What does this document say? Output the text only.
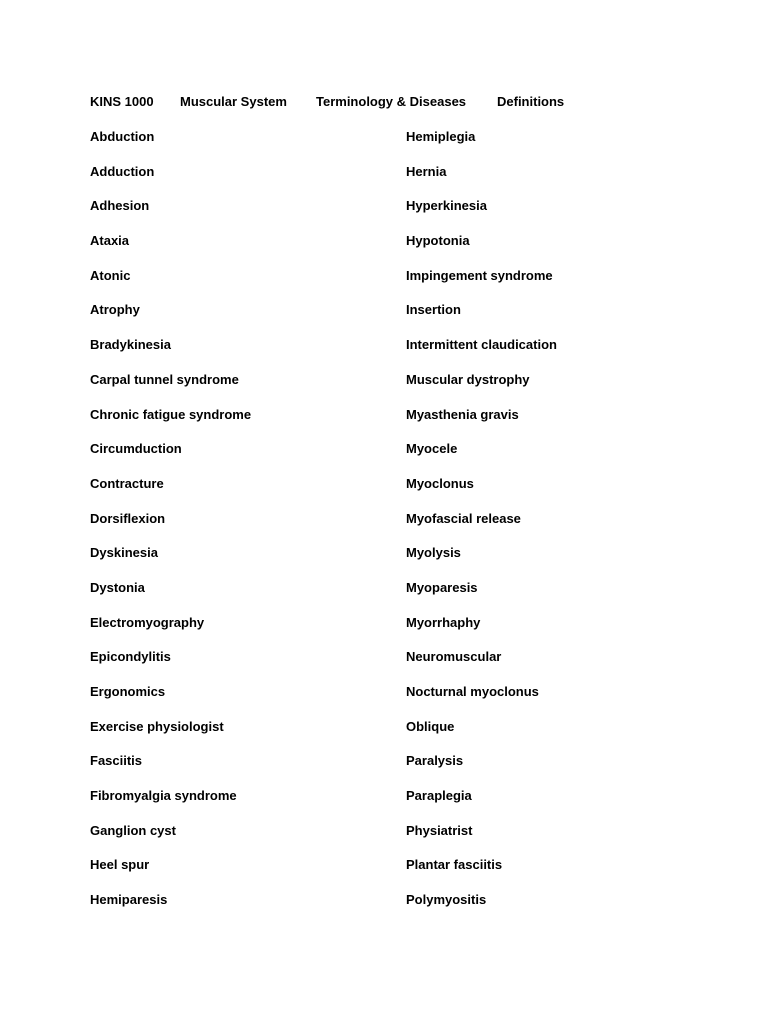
KINS 1000 Muscular System Terminology & Diseases Definitions
Abduction
Adduction
Adhesion
Ataxia
Atonic
Atrophy
Bradykinesia
Carpal tunnel syndrome
Chronic fatigue syndrome
Circumduction
Contracture
Dorsiflexion
Dyskinesia
Dystonia
Electromyography
Epicondylitis
Ergonomics
Exercise physiologist
Fasciitis
Fibromyalgia syndrome
Ganglion cyst
Heel spur
Hemiparesis
Hemiplegia
Hernia
Hyperkinesia
Hypotonia
Impingement syndrome
Insertion
Intermittent claudication
Muscular dystrophy
Myasthenia gravis
Myocele
Myoclonus
Myofascial release
Myolysis
Myoparesis
Myorrhaphy
Neuromuscular
Nocturnal myoclonus
Oblique
Paralysis
Paraplegia
Physiatrist
Plantar fasciitis
Polymyositis
